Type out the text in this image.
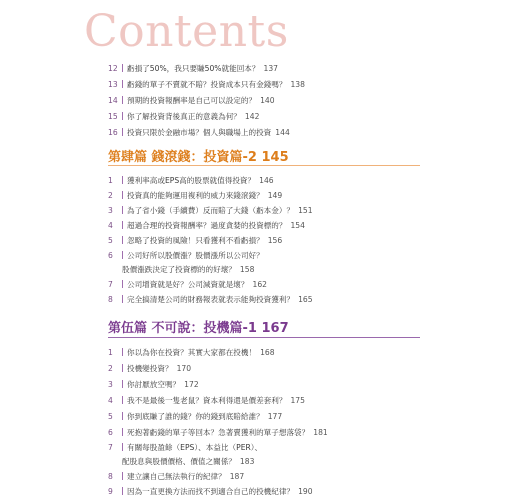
Contents
12 虧損了50%，我只要賺50%就能回本？ 137
13 虧錢的單子不賣就不賠？投資成本只有金錢嗎？ 138
14 預期的投資報酬率是自己可以設定的？ 140
15 你了解投資背後真正的意義為何？ 142
16 投資只限於金融市場？個人與職場上的投資 144
第肆篇 錢滾錢：投資篇-2 145
1 獲利率高或EPS高的股票就值得投資？ 146
2 投資真的能夠運用複利的威力來錢滾錢？ 149
3 為了省小錢（手續費）反而賠了大錢（虧本金）？ 151
4 超過合理的投資報酬率？過度貪婪的投資標的？ 154
5 忽略了投資的風險！只看獲利不看虧損？ 156
6 公司好所以股價漲？股價漲所以公司好？
股價漲跌決定了投資標的的好壞？ 158
7 公司增資就是好？公司減資就是壞？ 162
8 完全搞清楚公司的財務報表就表示能夠投資獲利？ 165
第伍篇 不可說：投機篇-1 167
1 你以為你在投資？其實大家都在投機！ 168
2 投機變投資？ 170
3 你討厭放空嗎？ 172
4 我不是最後一隻老鼠？資本利得還是價差套利？ 175
5 你到底賺了誰的錢？你的錢到底賠給誰？ 177
6 死抱著虧錢的單子等回本？急著賣獲利的單子想落袋？ 181
7 有關每股盈餘（EPS）、本益比（PER）、
配股息與股價價格、價值之關係？ 183
8 建立讓自己無法執行的紀律？ 187
9 因為一直更換方法而找不到適合自己的投機紀律？ 190
